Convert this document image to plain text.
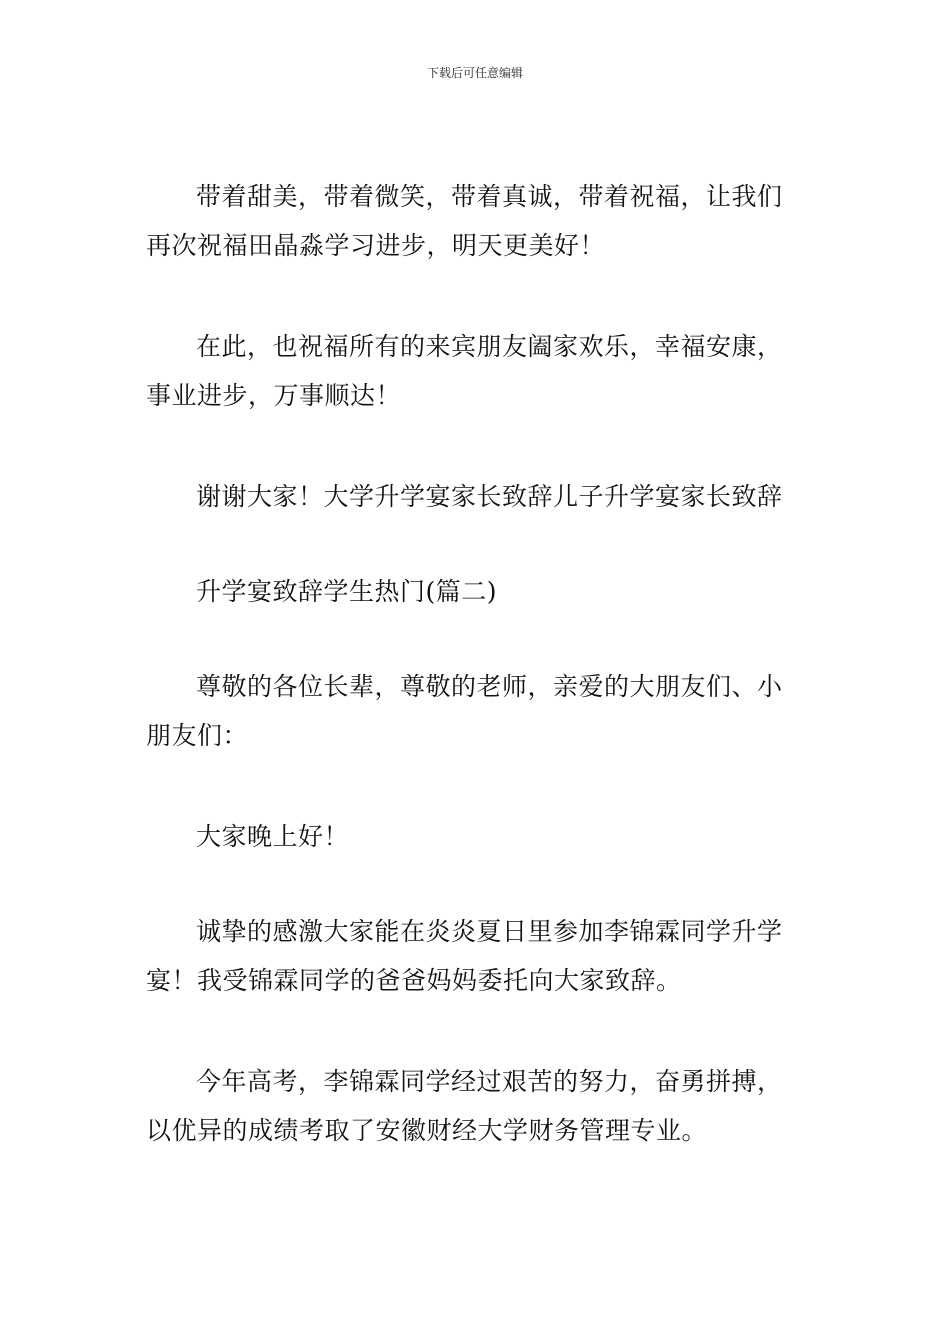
下载后可任意编辑

带着甜美，带着微笑，带着真诚，带着祝福，让我们再次祝福田晶淼学习进步，明天更美好！

在此，也祝福所有的来宾朋友阖家欢乐，幸福安康，事业进步，万事顺达！

谢谢大家！大学升学宴家长致辞儿子升学宴家长致辞

升学宴致辞学生热门(篇二)

尊敬的各位长辈，尊敬的老师，亲爱的大朋友们、小朋友们：

大家晚上好！

诚挚的感激大家能在炎炎夏日里参加李锦霖同学升学宴！我受锦霖同学的爸爸妈妈委托向大家致辞。

今年高考，李锦霖同学经过艰苦的努力，奋勇拼搏，以优异的成绩考取了安徽财经大学财务管理专业。
